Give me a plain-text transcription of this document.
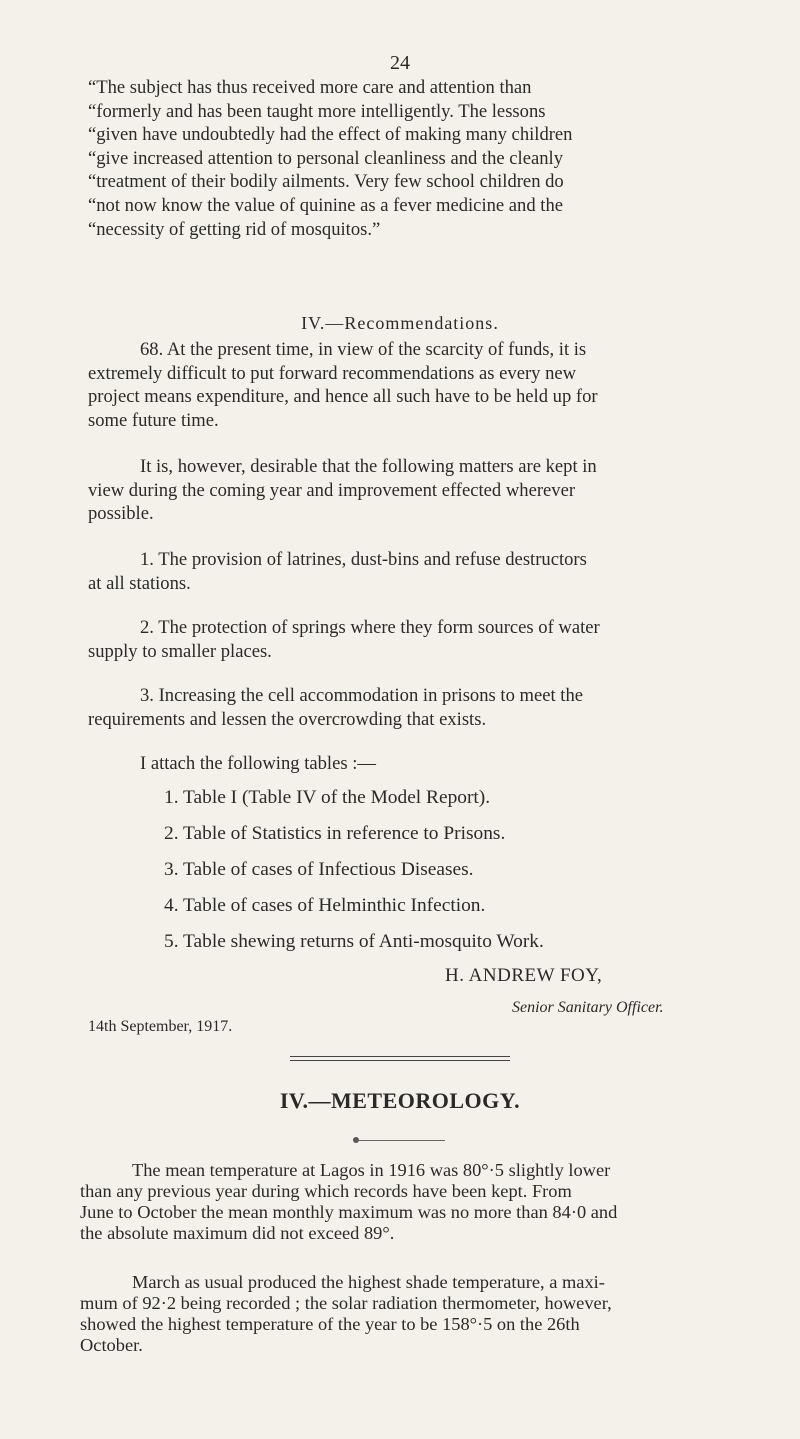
24
“The subject has thus received more care and attention than
“formerly and has been taught more intelligently. The lessons
“given have undoubtedly had the effect of making many children
“give increased attention to personal cleanliness and the cleanly
“treatment of their bodily ailments. Very few school children do
“not now know the value of quinine as a fever medicine and the
“necessity of getting rid of mosquitos.”
IV.—Recommendations.
68. At the present time, in view of the scarcity of funds, it is
extremely difficult to put forward recommendations as every new
project means expenditure, and hence all such have to be held up for
some future time.
It is, however, desirable that the following matters are kept in
view during the coming year and improvement effected wherever
possible.
1. The provision of latrines, dust-bins and refuse destructors
at all stations.
2. The protection of springs where they form sources of water
supply to smaller places.
3. Increasing the cell accommodation in prisons to meet the
requirements and lessen the overcrowding that exists.
I attach the following tables :—
1. Table I (Table IV of the Model Report).
2. Table of Statistics in reference to Prisons.
3. Table of cases of Infectious Diseases.
4. Table of cases of Helminthic Infection.
5. Table shewing returns of Anti-mosquito Work.
H. ANDREW FOY,
Senior Sanitary Officer.
14th September, 1917.
IV.—METEOROLOGY.
The mean temperature at Lagos in 1916 was 80°·5 slightly lower
than any previous year during which records have been kept. From
June to October the mean monthly maximum was no more than 84·0 and
the absolute maximum did not exceed 89°.
March as usual produced the highest shade temperature, a maxi-
mum of 92·2 being recorded ; the solar radiation thermometer, however,
showed the highest temperature of the year to be 158°·5 on the 26th
October.
